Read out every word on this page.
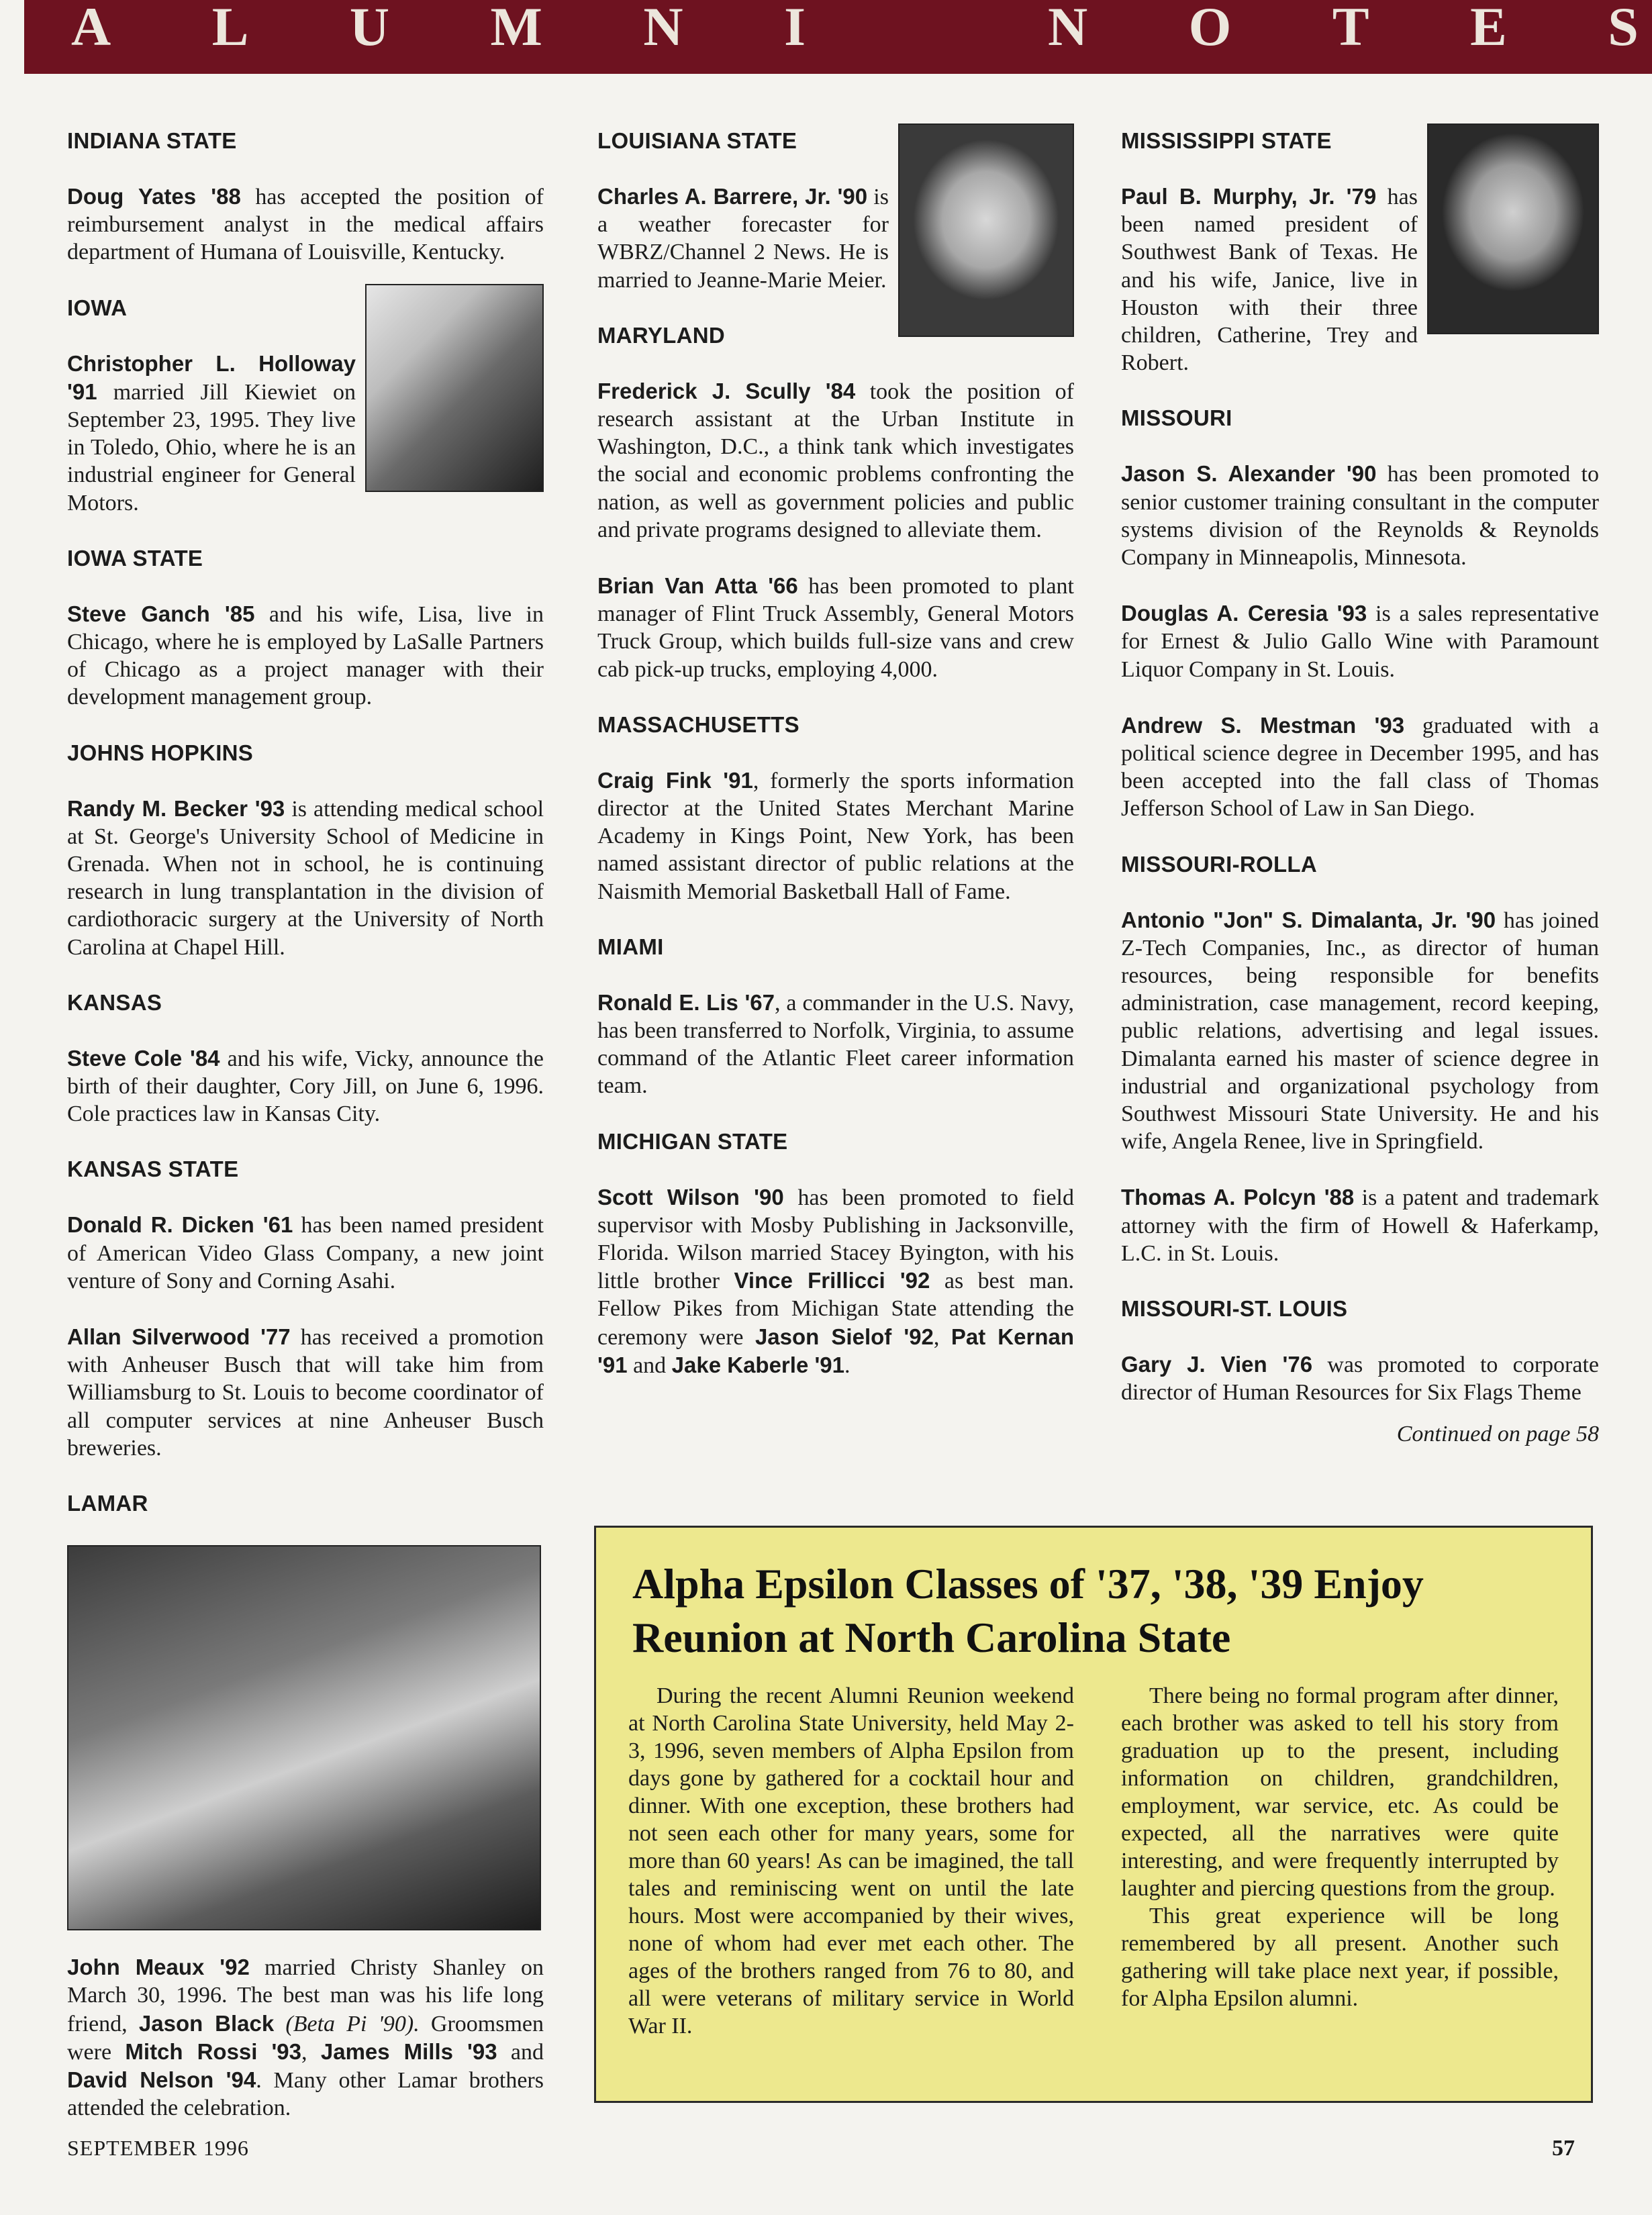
A L U M N I	N O T E S
INDIANA STATE
Doug Yates '88 has accepted the position of reimbursement analyst in the medical affairs department of Humana of Louisville, Kentucky.
IOWA
Christopher L. Holloway '91 married Jill Kiewiet on September 23, 1995. They live in Toledo, Ohio, where he is an industrial engineer for General Motors.
IOWA STATE
Steve Ganch '85 and his wife, Lisa, live in Chicago, where he is employed by LaSalle Partners of Chicago as a project manager with their development management group.
JOHNS HOPKINS
Randy M. Becker '93 is attending medical school at St. George's University School of Medicine in Grenada. When not in school, he is continuing research in lung transplantation in the division of cardiothoracic surgery at the University of North Carolina at Chapel Hill.
KANSAS
Steve Cole '84 and his wife, Vicky, announce the birth of their daughter, Cory Jill, on June 6, 1996. Cole practices law in Kansas City.
KANSAS STATE
Donald R. Dicken '61 has been named president of American Video Glass Company, a new joint venture of Sony and Corning Asahi.
Allan Silverwood '77 has received a promotion with Anheuser Busch that will take him from Williamsburg to St. Louis to become coordinator of all computer services at nine Anheuser Busch breweries.
LAMAR
John Meaux '92 married Christy Shanley on March 30, 1996. The best man was his life long friend, Jason Black (Beta Pi '90). Groomsmen were Mitch Rossi '93, James Mills '93 and David Nelson '94. Many other Lamar brothers attended the celebration.
LOUISIANA STATE
Charles A. Barrere, Jr. '90 is a weather forecaster for WBRZ/Channel 2 News. He is married to Jeanne-Marie Meier.
MARYLAND
Frederick J. Scully '84 took the position of research assistant at the Urban Institute in Washington, D.C., a think tank which investigates the social and economic problems confronting the nation, as well as government policies and public and private programs designed to alleviate them.
Brian Van Atta '66 has been promoted to plant manager of Flint Truck Assembly, General Motors Truck Group, which builds full-size vans and crew cab pick-up trucks, employing 4,000.
MASSACHUSETTS
Craig Fink '91, formerly the sports information director at the United States Merchant Marine Academy in Kings Point, New York, has been named assistant director of public relations at the Naismith Memorial Basketball Hall of Fame.
MIAMI
Ronald E. Lis '67, a commander in the U.S. Navy, has been transferred to Norfolk, Virginia, to assume command of the Atlantic Fleet career information team.
MICHIGAN STATE
Scott Wilson '90 has been promoted to field supervisor with Mosby Publishing in Jacksonville, Florida. Wilson married Stacey Byington, with his little brother Vince Frillicci '92 as best man. Fellow Pikes from Michigan State attending the ceremony were Jason Sielof '92, Pat Kernan '91 and Jake Kaberle '91.
MISSISSIPPI STATE
Paul B. Murphy, Jr. '79 has been named president of Southwest Bank of Texas. He and his wife, Janice, live in Houston with their three children, Catherine, Trey and Robert.
MISSOURI
Jason S. Alexander '90 has been promoted to senior customer training consultant in the computer systems division of the Reynolds & Reynolds Company in Minneapolis, Minnesota.
Douglas A. Ceresia '93 is a sales representative for Ernest & Julio Gallo Wine with Paramount Liquor Company in St. Louis.
Andrew S. Mestman '93 graduated with a political science degree in December 1995, and has been accepted into the fall class of Thomas Jefferson School of Law in San Diego.
MISSOURI-ROLLA
Antonio "Jon" S. Dimalanta, Jr. '90 has joined Z-Tech Companies, Inc., as director of human resources, being responsible for benefits administration, case management, record keeping, public relations, advertising and legal issues. Dimalanta earned his master of science degree in industrial and organizational psychology from Southwest Missouri State University. He and his wife, Angela Renee, live in Springfield.
Thomas A. Polcyn '88 is a patent and trademark attorney with the firm of Howell & Haferkamp, L.C. in St. Louis.
MISSOURI-ST. LOUIS
Gary J. Vien '76 was promoted to corporate director of Human Resources for Six Flags Theme
Continued on page 58
Alpha Epsilon Classes of '37, '38, '39 Enjoy Reunion at North Carolina State

During the recent Alumni Reunion weekend at North Carolina State University, held May 2-3, 1996, seven members of Alpha Epsilon from days gone by gathered for a cocktail hour and dinner. With one exception, these brothers had not seen each other for many years, some for more than 60 years! As can be imagined, the tall tales and reminiscing went on until the late hours. Most were accompanied by their wives, none of whom had ever met each other. The ages of the brothers ranged from 76 to 80, and all were veterans of military service in World War II.

There being no formal program after dinner, each brother was asked to tell his story from graduation up to the present, including information on children, grandchildren, employment, war service, etc. As could be expected, all the narratives were quite interesting, and were frequently interrupted by laughter and piercing questions from the group.

This great experience will be long remembered by all present. Another such gathering will take place next year, if possible, for Alpha Epsilon alumni.

SEPTEMBER 1996	57
